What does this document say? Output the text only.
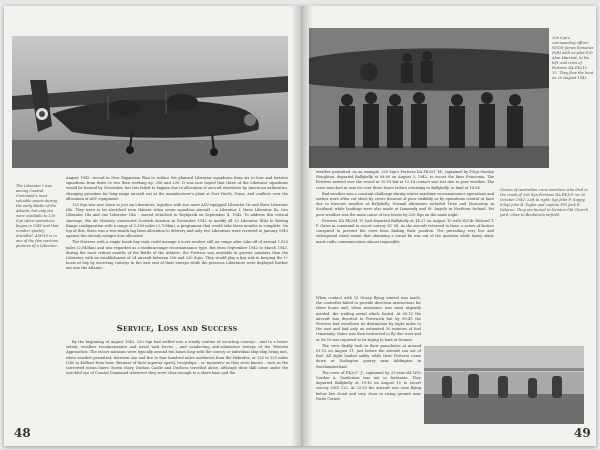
The Liberator I was among Coastal Command's most valuable assets during the early Battle of the Atlantic but only ten were available to 120 Sqn when operations began in 1941 and that number quickly dwindled. AM910 is in one of the few wartime pictures of a Liberator.

August 1942: record in New Expansion Plan to reduce the planned Liberator squadrons from six to four and fortress squadrons from three to two then working up, 206 and 220. It was now hoped that three of the Liberator squadrons would be formed by November, but this failed to happen due to allocation of aircraft elsewhere by American authorities, changing priorities for long-range aircraft out at the manufacturer's plant at Fort Worth, Texas, and conflicts over the allocation of ASV equipment.

120 Sqn was now down to just six Liberators, together with two more ASV-equipped Liberator IIs and three Liberator IIIs. They were to be stretched even thinner when seven squadron aircraft – a Liberator I, three Liberator IIs, two Liberator IIIs and one Liberator IIIA – moved detached to Reykjavik on September 4, 1942. To address this critical shortage, the Air Ministry contracted Scottish Aviation in November 1942 to modify all 33 Liberator IIIAs to Boeing Range configuration with a range of 2,300 miles (3,700km), a programme that would take three months to complete. On top of this, there was a two-month lag from allocation to delivery and only two Liberators were received in January 1943 against the already meagre four allocated.

The Fortress with a single bomb bay tank could manage a more modest still air range after take-off of around 1,825 miles (2,940km) and was regarded as a medium-range reconnaissance type. But from September 1942 to March 1943, during the most critical months of the Battle of the Atlantic, the Fortress was available in greater numbers than the Liberator, with an establishment of 24 aircraft between 206 and 220 Sqns. They would play a key role in keeping the U-boats at bay by escorting convoys in the east end of their sweeps while the precious Liberators were deployed further out into the Atlantic.

Service, Loss and Success

By the beginning of August 1942, 220 Sqn had settled into a steady routine of escorting convoys – and to a lesser extent, weather reconnaissance and naval task forces – and conducting anti-submarine sweeps of the Western Approaches. The escort missions were typically around ten hours long with the convoy or individual ship-ship being met, when weather permitted, between one and five to four hundred miles northwest from the Hebrides, or 225 to 325 miles (360 to 460km) from base. Because of their superior speed, troopships – or 'monsters' as they were known – such as the converted ocean liners Queen Mary, Durban Castle and Duchess travelled alone, although their skill came under the watchful eye of Coastal Command whenever they were close enough to a shore base and the

206 Sqn's commanding officer W/Cdr James Romanes (left) with co-pilot F/O Alan Marriott, to his left, and crew of Fortress IIA FK210 'D'. They flew the hunt on 20 August 1942.

weather permitted. As an example, 220 Sqn's Fortress IIA FK201 'M', captained by F/Sgt Stanley Houghton, departed Ballykelly at 08:00 on August 3, 1942, to escort the liner Franconia. The Fortress arrived over the vessel at 10:59 but at 12:14 contact was lost due to poor weather. The crew searched in vain for over three hours before returning to Ballykelly, to land at 18:54.

Bad weather was a constant challenge during winter maritime reconnaissance operations and sorties were often cut short by crews because of poor visibility or by operations control at base due to forecast weather at Ballykelly. Normal alternates included Tiree and Stornoway in Scotland, while landings were also made at Limavady and St. Angelo in Northern Ireland. Yet poor weather was the main cause of two losses by 220 Sqn on the same night.

Fortress IIA FK204 'N' had departed Ballykelly at 14:27 on August 10 with W/Cdr Richard T. F. Gates in command to escort convoy SC 94. As the aircraft returned to base, a series of factors conspired to prevent the crew from finding their position. The prevailing very low and widespread cloud meant that obtaining a visual fix was out of the question while heavy static made radio communication almost impossible.

When contact with 15 Group flying control was made, the controller failed to provide direction instructions for three hours and, when assistance was most urgently needed, the trailing aerial which fouled. At 00:15 the aircraft was diverted to Prestwick but by 00:45 the Fortress had overflown its destination by eight miles to the east and had only an estimated 30 minutes of fuel remaining. Gates was then instructed to fly due west and at 00:53 was reported to be trying to land at Dunure.

The crew finally took to their parachutes at around 01:15 on August 11, just before the aircraft ran out of fuel. All eight landed safely while their Fortress came down at Dodington quarry near Addington in Northumberland.

The crew of FK207 'J', captained by 23-year-old W/O Gordon A. Sanderson was not so fortunate. They departed Ballykelly at 19:16 on August 10 to escort convoy ONS 122. At 23:30 the aircraft was seen flying below low cloud and very close to rising ground near Nutts Corner.

Graves of Australian crew members who died in the crash of 206 Sqn Fortress IIA FK197 on 20 October 1942. Left to right: Sgt John F. Guppy, F/Sgt John B. Taylor and captain P/O Jack E. Delarue. They are buried in Newton Old Church yard, close to Benbecula airfield.
48	49
